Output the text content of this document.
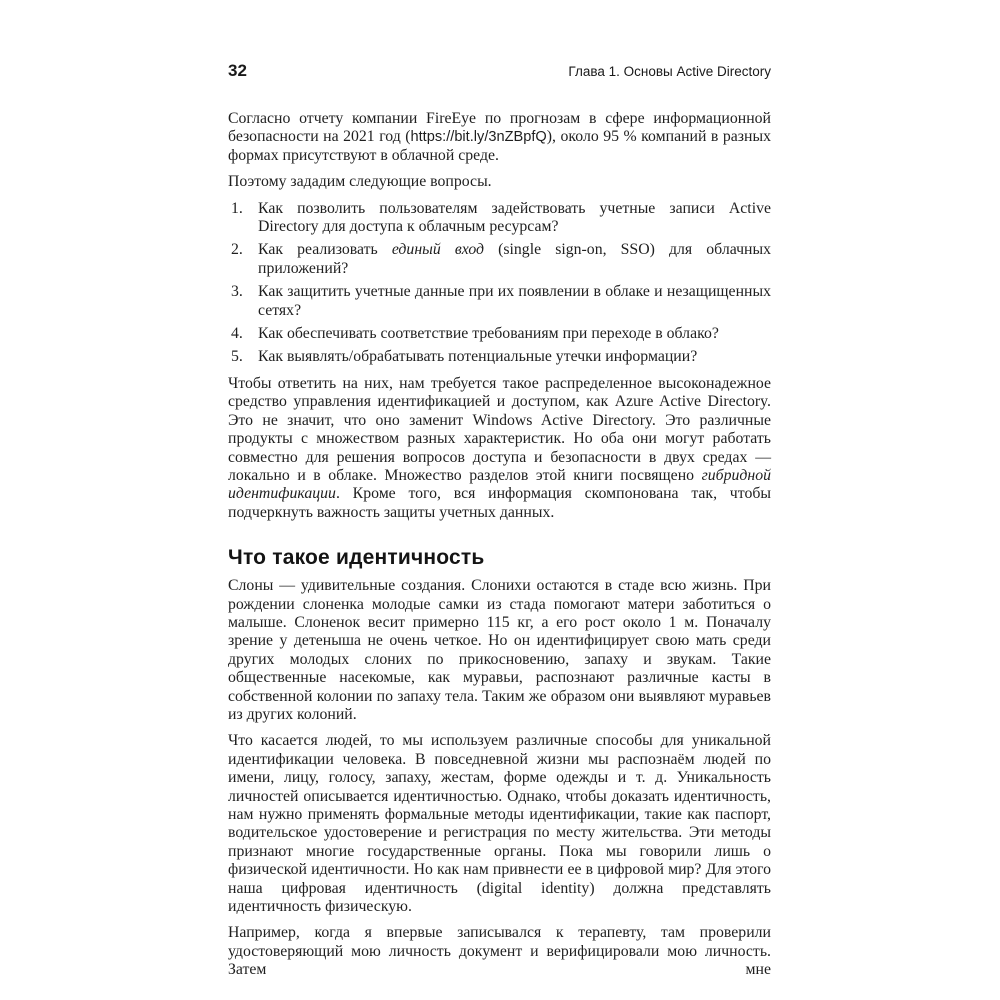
32	Глава 1. Основы Active Directory

Согласно отчету компании FireEye по прогнозам в сфере информационной безопасности на 2021 год (https://bit.ly/3nZBpfQ), около 95 % компаний в разных формах присутствуют в облачной среде.

Поэтому зададим следующие вопросы.

1. Как позволить пользователям задействовать учетные записи Active Directory для доступа к облачным ресурсам?
2. Как реализовать единый вход (single sign-on, SSO) для облачных приложений?
3. Как защитить учетные данные при их появлении в облаке и незащищенных сетях?
4. Как обеспечивать соответствие требованиям при переходе в облако?
5. Как выявлять/обрабатывать потенциальные утечки информации?

Чтобы ответить на них, нам требуется такое распределенное высоконадежное средство управления идентификацией и доступом, как Azure Active Directory. Это не значит, что оно заменит Windows Active Directory. Это различные продукты с множеством разных характеристик. Но оба они могут работать совместно для решения вопросов доступа и безопасности в двух средах — локально и в облаке. Множество разделов этой книги посвящено гибридной идентификации. Кроме того, вся информация скомпонована так, чтобы подчеркнуть важность защиты учетных данных.

Что такое идентичность

Слоны — удивительные создания. Слонихи остаются в стаде всю жизнь. При рождении слоненка молодые самки из стада помогают матери заботиться о малыше. Слоненок весит примерно 115 кг, а его рост около 1 м. Поначалу зрение у детеныша не очень четкое. Но он идентифицирует свою мать среди других молодых слоних по прикосновению, запаху и звукам. Такие общественные насекомые, как муравьи, распознают различные касты в собственной колонии по запаху тела. Таким же образом они выявляют муравьев из других колоний.

Что касается людей, то мы используем различные способы для уникальной идентификации человека. В повседневной жизни мы распознаём людей по имени, лицу, голосу, запаху, жестам, форме одежды и т. д. Уникальность личностей описывается идентичностью. Однако, чтобы доказать идентичность, нам нужно применять формальные методы идентификации, такие как паспорт, водительское удостоверение и регистрация по месту жительства. Эти методы признают многие государственные органы. Пока мы говорили лишь о физической идентичности. Но как нам привнести ее в цифровой мир? Для этого наша цифровая идентичность (digital identity) должна представлять идентичность физическую.

Например, когда я впервые записывался к терапевту, там проверили удостоверяющий мою личность документ и верифицировали мою личность. Затем мне
